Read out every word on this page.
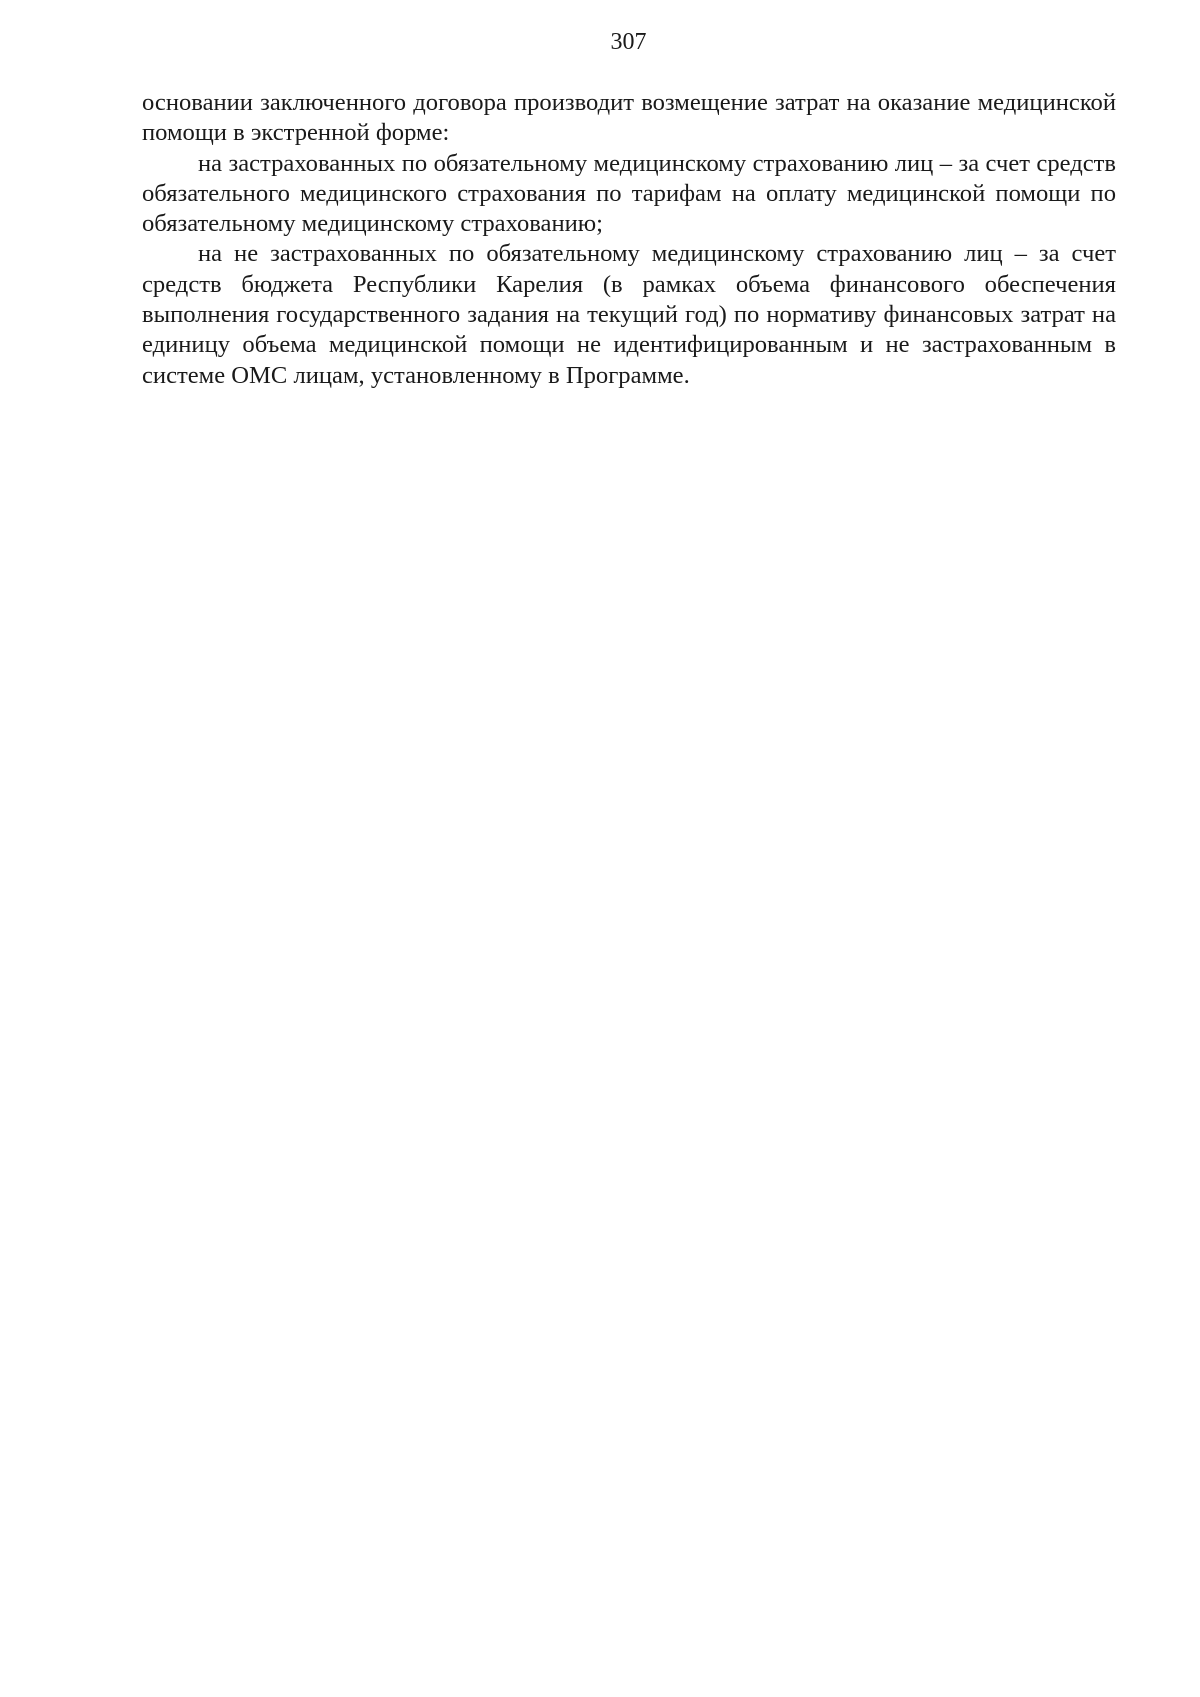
307

основании заключенного договора производит возмещение затрат на оказание медицинской помощи в экстренной форме:

на застрахованных по обязательному медицинскому страхованию лиц – за счет средств обязательного медицинского страхования по тарифам на оплату медицинской помощи по обязательному медицинскому страхованию;

на не застрахованных по обязательному медицинскому страхованию лиц – за счет средств бюджета Республики Карелия (в рамках объема финансового обеспечения выполнения государственного задания на текущий год) по нормативу финансовых затрат на единицу объема медицинской помощи не идентифицированным и не застрахованным в системе ОМС лицам, установленному в Программе.
